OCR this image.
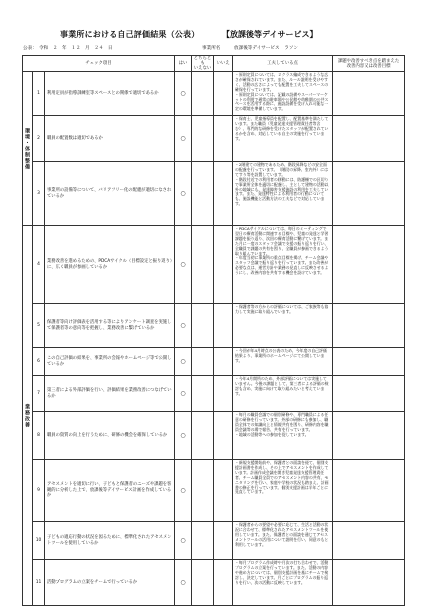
事業所における自己評価結果（公表）	【放課後等デイサービス】
公表：　令和　２　年　１２　月　２４　日	事業所名	放課後等デイサービス　ラソン
チェック項目			はい	どちらとも
いえない	いいえ	工夫している点	課題や改善すべき点を踏まえた
改善内容又は改善目標
環境・体制整備	1	利用定員が指導訓練室等スペースとの関係で適切であるか	○			・原則定員については、２クラス編成できるような広さが確保されています。また、ルール説明を受けやすく、活動の広さによっても配置を工夫してスペースの確保を行っています。
・原則定員については、記載の設備やスーパーマーケットの利用で通常の駐車場や公民館や幼稚園の公共スペースを活用する際に、施設設備を受け入れ可能な一定の環境を準備しています。	
	2	職員の配置数は適切であるか	○			・保育士、児童指導員を配置し、配置基準を満たしています。また職員（児童発達支援管理責任者等含む）、専門的な研修を受けたスタッフが配置されているかを含め、対応している自主の実施を行っています。	
	3	事業所の設備等について、バリアフリー化の配慮が適切になされているか	○			・2階建ての建物であるため、階段昇降などの安全面の配慮を行っています。（階段の昇降、室内外）にはてすり等を設置しています。
・階段付近での利用者の移動には、防護柵での区切りで事業所全体を適切に配慮し、主として建物の活動以外の地域にも、発達障害支援施設の利用を工夫しています。また、発達特性による利用者の行動についても、施設機能と活動方法の工夫などで対応しています。	
業務改善	4	業務改善を進めるための、PDCAサイクル（目標設定と振り返り）に、広く職員が参画しているか	○			・PDCAサイクルについては、毎日のミーティングで翌日の療育活動に関連する目標や、児童の発達と学習課題を振り返り、次回の療育活動に繋げています。また月に一度のスタッフ会議で支援の振り返りを行い、全職員で課題の共有を図り、全職員が参画できるよう取り組んでいます。
・年度当初に事業所の重点目標を掲げ、チーム会議やスタッフ会議で振り返りを行っています。また改善が必要な点は、運営方針や業務の見直しに反映させるようにし、改善内容を共有する機会を設けています。	
	5	保護者等向け評価表を活用する等によりアンケート調査を実施して保護者等の意向等を把握し、業務改善に繋げているか	○			・保護者等の方からの評価については、ご家族等も協力して実施に取り組んでいます。	
	6	この自己評価の結果を、事業所の会報やホームページ等で公開しているか	○			・今回が年4月時点の公表のため、今年度の自己評価結果より、事業所のホームページにて公開しています。	
	7	第三者による外部評価を行い、評価結果を業務改善につなげているか	○			・今年4月開所のため、外部評価については実施していません。今後の課題として、第三者による評価の検討も含め、実施に向けて取り組みたいと考えています。	
	8	職員の資質の向上を行うために、研修の機会を確保しているか	○			・毎月の職員会議での個別研修や、専門職員による任意の研修を行っています。外部の研修にも参加し、職員全体での知識向上と情報共有を図り、研修内容を職員会議等の場で報告、共有を行っています。
・地域の活動等への参加を促しています。	
	9	アセスメントを適切に行い、子どもと保護者のニーズや課題を客観的に分析した上で、放課後等デイサービス計画を作成しているか	○			・新規支援開始前や、保護者との面談を経て、個別支援計画書を作成し、その上でアセスメントを作成しています。計画作成会議を開き児童発達支援管理責任者、チーム職員全員でのアセスメント内容の共有、モニタリングを行い、家庭や学校の状況も踏まえ、計画書の修正を行っています。個別支援計画は半年ごとに見直しています。	
	10	子どもの適応行動の状況を図るために、標準化されたアセスメントツールを使用しているか	○			・保護者からの要望や必要に応じて、生活と活動の状況に合わせて、標準化されたアセスメントツールを使用しています。また、保護者との面談を通じてアセスメントツールの活用について説明を行い、同意のもと利用しています。	
	11	活動プログラムの立案をチームで行っているか	○			・毎月プログラム作成時や月次の打ち合わせで、活動プログラムの立案を行っています。また、活動の内容や進め方については、個別支援計画を基にチームで検討し、決定しています。月ごとにプログラムの振り返りを行い、次の活動に反映しています。	
